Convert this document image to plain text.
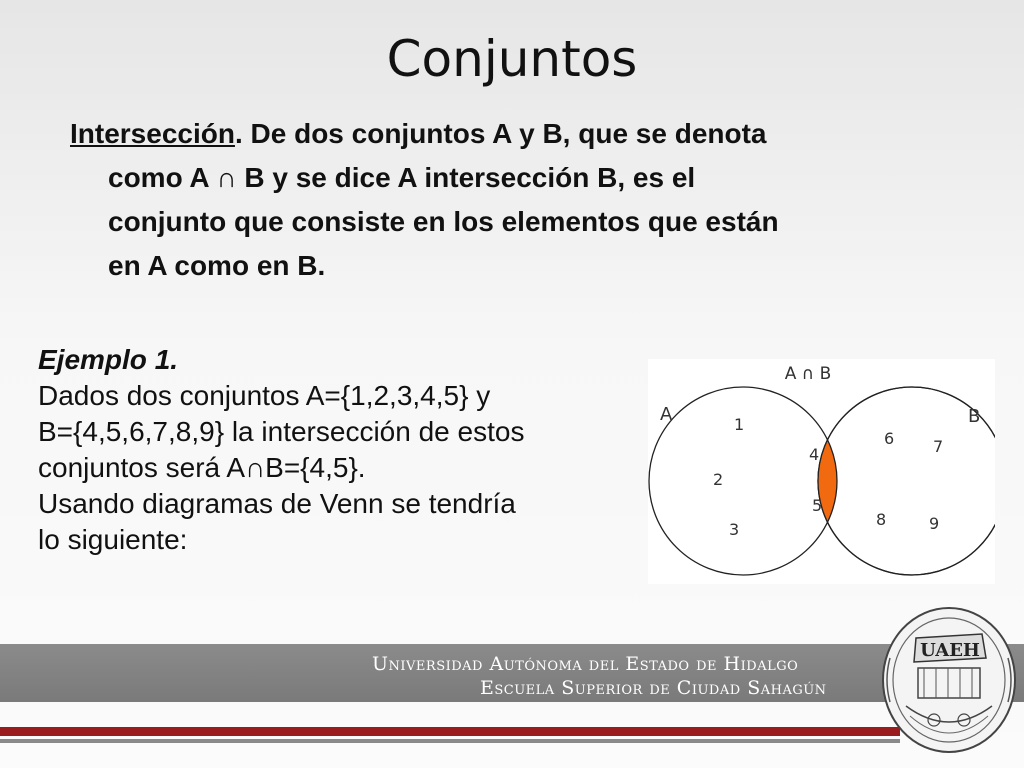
Conjuntos
Intersección. De dos conjuntos A y B, que se denota
como A ∩ B y se dice A intersección B, es el
conjunto que consiste en los elementos que están
en A como en B.
Ejemplo 1.
Dados dos conjuntos A={1,2,3,4,5} y
B={4,5,6,7,8,9} la intersección de estos
conjuntos será A∩B={4,5}.
Usando diagramas de Venn se tendría
lo siguiente:
A ∩ B
A	B
1
2
3
4
5
6 7
8	9
Universidad Autónoma del Estado de Hidalgo
Escuela Superior de Ciudad Sahagún
UAEH
